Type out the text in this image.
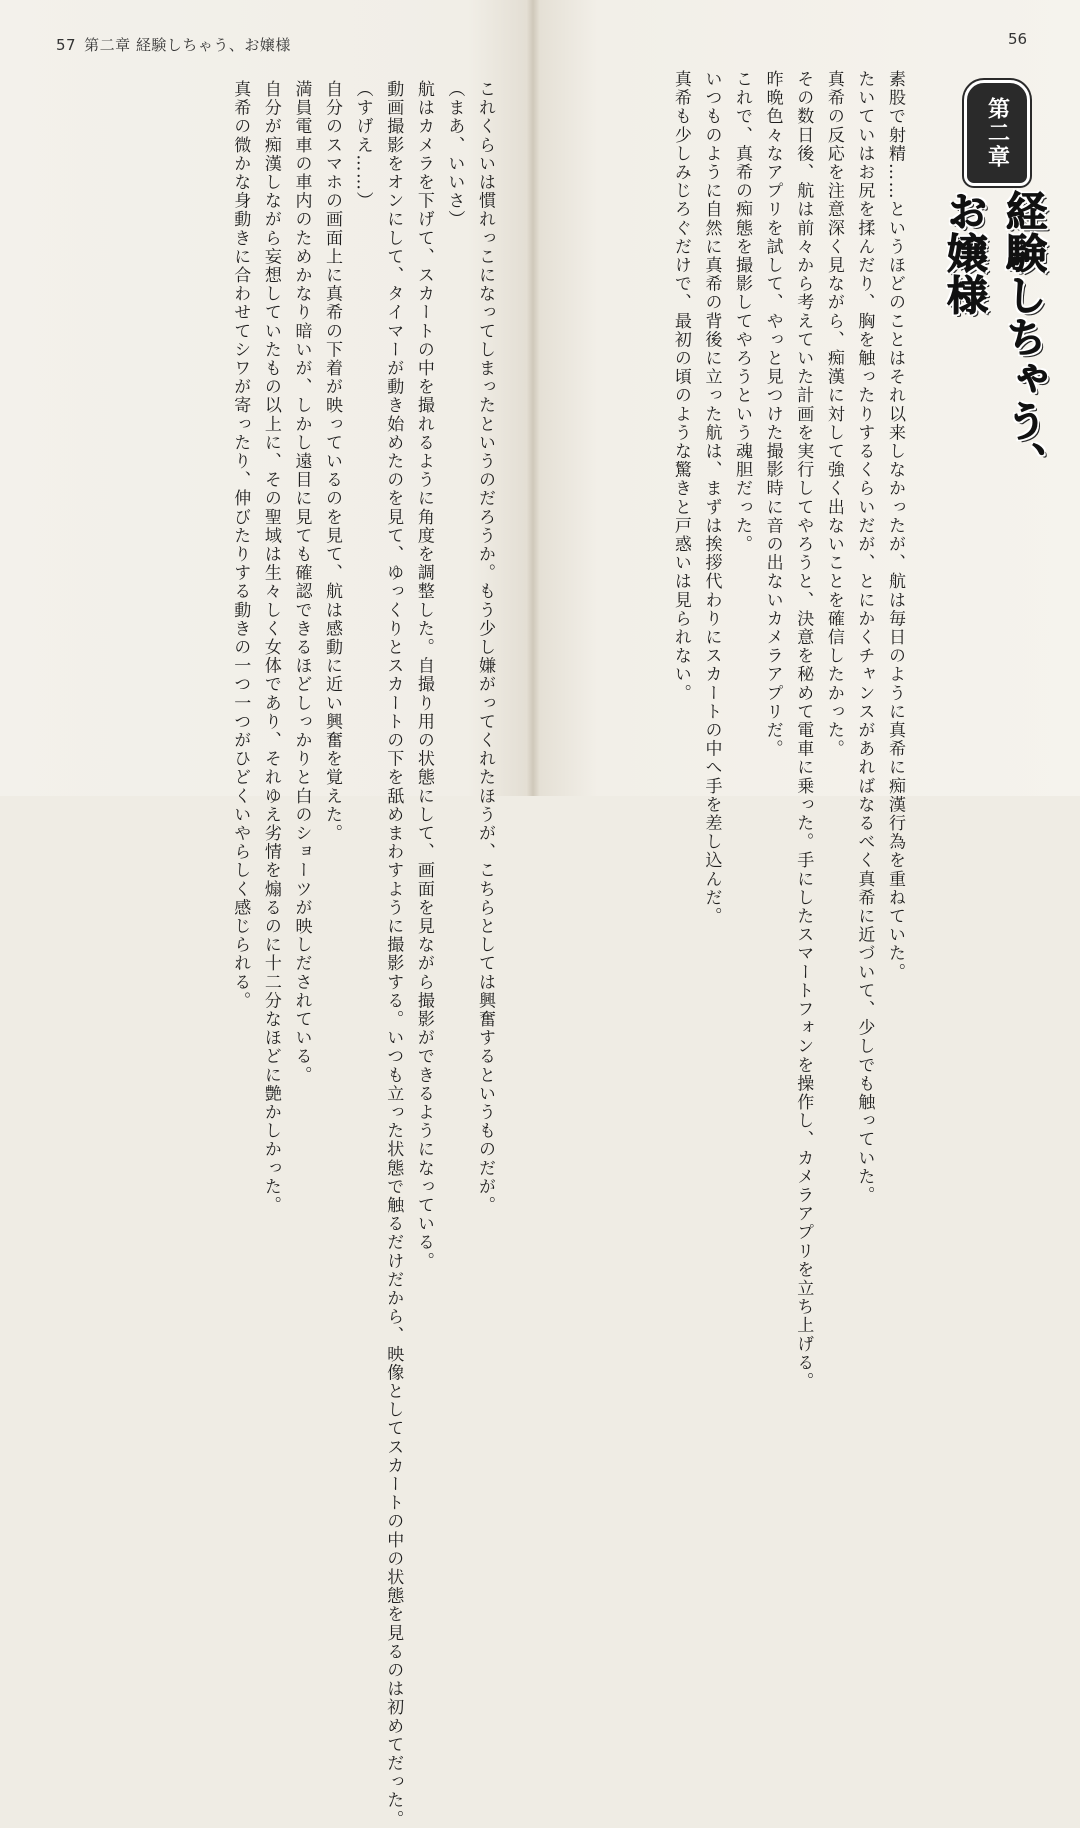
57 第二章 経験しちゃう、お嬢様	56
第二章
経験しちゃう、お嬢様

素股で射精……というほどのことはそれ以来しなかったが、航は毎日のように真希に痴漢行為を重ねていた。

たいていはお尻を揉んだり、胸を触ったりするくらいだが、とにかくチャンスがあればなるべく真希に近づいて、少しでも触っていた。

真希の反応を注意深く見ながら、痴漢に対して強く出ないことを確信したかった。

その数日後、航は前々から考えていた計画を実行してやろうと、決意を秘めて電車に乗った。手にしたスマートフォンを操作し、カメラアプリを立ち上げる。

昨晩色々なアプリを試して、やっと見つけた撮影時に音の出ないカメラアプリだ。

これで、真希の痴態を撮影してやろうという魂胆だった。

いつものように自然に真希の背後に立った航は、まずは挨拶代わりにスカートの中へ手を差し込んだ。

真希も少しみじろぐだけで、最初の頃のような驚きと戸惑いは見られない。

これくらいは慣れっこになってしまったというのだろうか。もう少し嫌がってくれたほうが、こちらとしては興奮するというものだが。

（まあ、いいさ）

航はカメラを下げて、スカートの中を撮れるように角度を調整した。自撮り用の状態にして、画面を見ながら撮影ができるようになっている。

動画撮影をオンにして、タイマーが動き始めたのを見て、ゆっくりとスカートの下を舐めまわすように撮影する。いつも立った状態で触るだけだから、映像としてスカートの中の状態を見るのは初めてだった。

（すげえ……）

自分のスマホの画面上に真希の下着が映っているのを見て、航は感動に近い興奮を覚えた。

満員電車の車内のためかなり暗いが、しかし遠目に見ても確認できるほどしっかりと白のショーツが映しだされている。

自分が痴漢しながら妄想していたもの以上に、その聖域は生々しく女体であり、それゆえ劣情を煽るのに十二分なほどに艶かしかった。

真希の微かな身動きに合わせてシワが寄ったり、伸びたりする動きの一つ一つがひどくいやらしく感じられる。
